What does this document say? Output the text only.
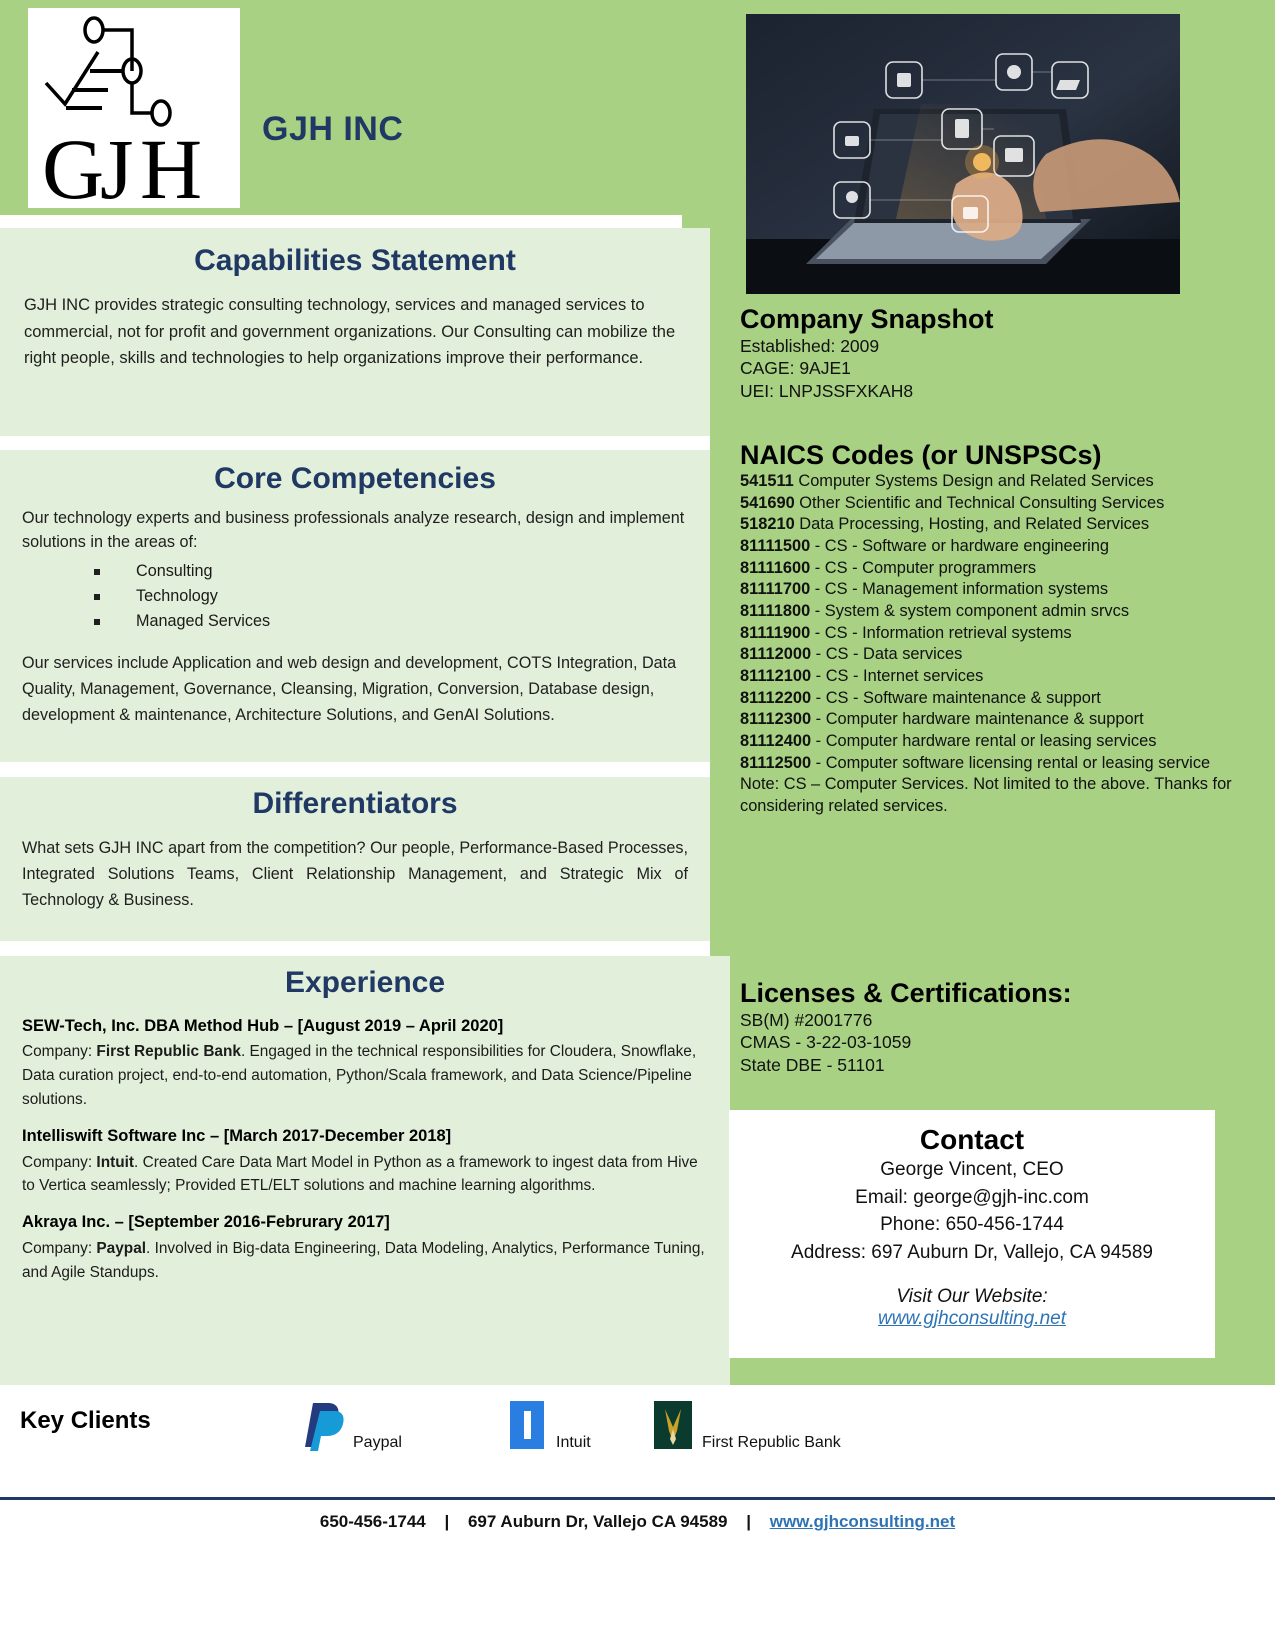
G
J H GJH INC
Capabilities Statement

GJH INC provides strategic consulting technology, services and managed services to commercial, not for profit and government organizations. Our Consulting can mobilize the right people, skills and technologies to help organizations improve their performance.

Core Competencies

Our technology experts and business professionals analyze research, design and implement solutions in the areas of:

Consulting
Technology
Managed Services

Our services include Application and web design and development, COTS Integration, Data Quality, Management, Governance, Cleansing, Migration, Conversion, Database design, development & maintenance, Architecture Solutions, and GenAI Solutions.

Differentiators

What sets GJH INC apart from the competition? Our people, Performance-Based Processes, Integrated Solutions Teams, Client Relationship Management, and Strategic Mix of Technology & Business.

Experience
SEW-Tech, Inc. DBA Method Hub – [August 2019 – April 2020]
Company: First Republic Bank. Engaged in the technical responsibilities for Cloudera, Snowflake, Data curation project, end-to-end automation, Python/Scala framework, and Data Science/Pipeline solutions.
Intelliswift Software Inc – [March 2017-December 2018]
Company: Intuit. Created Care Data Mart Model in Python as a framework to ingest data from Hive to Vertica seamlessly; Provided ETL/ELT solutions and machine learning algorithms.
Akraya Inc. – [September 2016-Februrary 2017]
Company: Paypal. Involved in Big-data Engineering, Data Modeling, Analytics, Performance Tuning, and Agile Standups.
Company Snapshot

Established: 2009

CAGE: 9AJE1

UEI: LNPJSSFXKAH8

NAICS Codes (or UNSPSCs)

541511 Computer Systems Design and Related Services

541690 Other Scientific and Technical Consulting Services

518210 Data Processing, Hosting, and Related Services

81111500 - CS - Software or hardware engineering

81111600 - CS - Computer programmers

81111700 - CS - Management information systems

81111800 - System & system component admin srvcs

81111900 - CS - Information retrieval systems

81112000 - CS - Data services

81112100 - CS - Internet services

81112200 - CS - Software maintenance & support

81112300 - Computer hardware maintenance & support

81112400 - Computer hardware rental or leasing services

81112500 - Computer software licensing rental or leasing service

Note: CS – Computer Services. Not limited to the above. Thanks for considering related services.

Licenses & Certifications:

SB(M) #2001776

CMAS - 3-22-03-1059

State DBE - 51101

Contact

George Vincent, CEO

Email: george@gjh-inc.com

Phone: 650-456-1744

Address: 697 Auburn Dr, Vallejo, CA 94589

Visit Our Website:
www.gjhconsulting.net
Key Clients
Paypal	Intuit	First Republic Bank
650-456-1744 | 697 Auburn Dr, Vallejo CA 94589 | www.gjhconsulting.net
